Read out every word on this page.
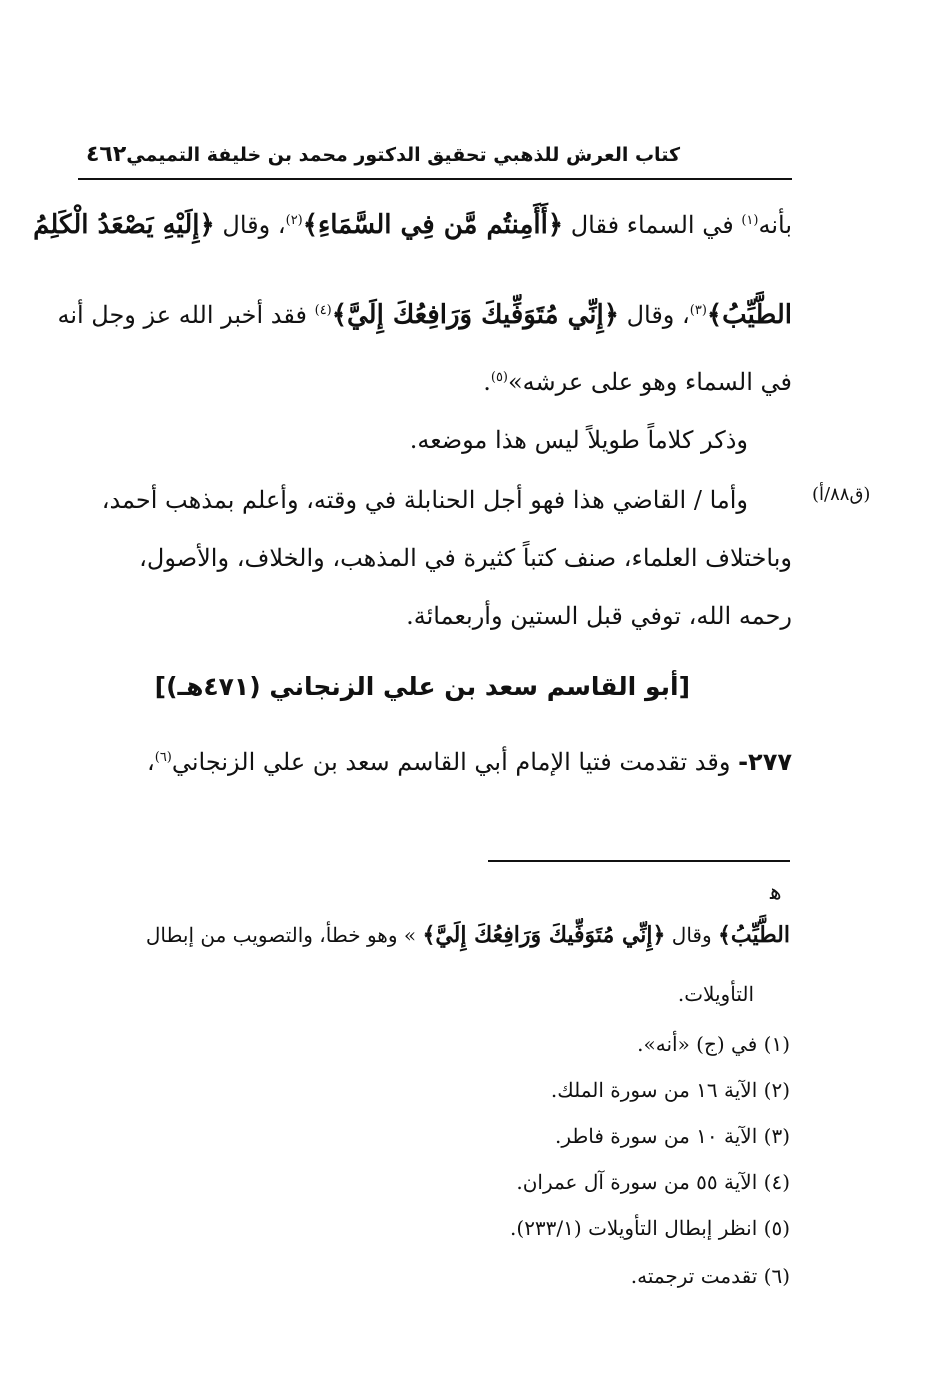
كتاب العرش للذهبي تحقيق الدكتور محمد بن خليفة التميمي
٤٦٢
بأنه$^{(١)}$ في السماء فقال ﴿أَأَمِنتُم مَّن فِي السَّمَاءِ﴾$^{(٢)}$، وقال ﴿إِلَيْهِ يَصْعَدُ الْكَلِمُ
الطَّيِّبُ﴾$^{(٣)}$، وقال ﴿إِنِّي مُتَوَفِّيكَ وَرَافِعُكَ إِلَيَّ﴾$^{(٤)}$ فقد أخبر الله عز وجل أنه
في السماء وهو على عرشه»$^{(٥)}$.
وذكر كلاماً طويلاً ليس هذا موضعه.
(ق٨٨/أ)
وأما / القاضي هذا فهو أجل الحنابلة في وقته، وأعلم بمذهب أحمد،
وباختلاف العلماء، صنف كتباً كثيرة في المذهب، والخلاف، والأصول،
رحمه الله، توفي قبل الستين وأربعمائة.
[أبو القاسم سعد بن علي الزنجاني (٤٧١هـ)]
٢٧٧- وقد تقدمت فتيا الإمام أبي القاسم سعد بن علي الزنجاني$^{(٦)}$،
ﻫ
الطَّيِّبُ﴾ وقال ﴿إِنِّي مُتَوَفِّيكَ وَرَافِعُكَ إِلَيَّ﴾ » وهو خطأ، والتصويب من إبطال
التأويلات.
(١) في (ج) «أنه».
(٢) الآية ١٦ من سورة الملك.
(٣) الآية ١٠ من سورة فاطر.
(٤) الآية ٥٥ من سورة آل عمران.
(٥) انظر إبطال التأويلات (٢٣٣/١).
(٦) تقدمت ترجمته.
